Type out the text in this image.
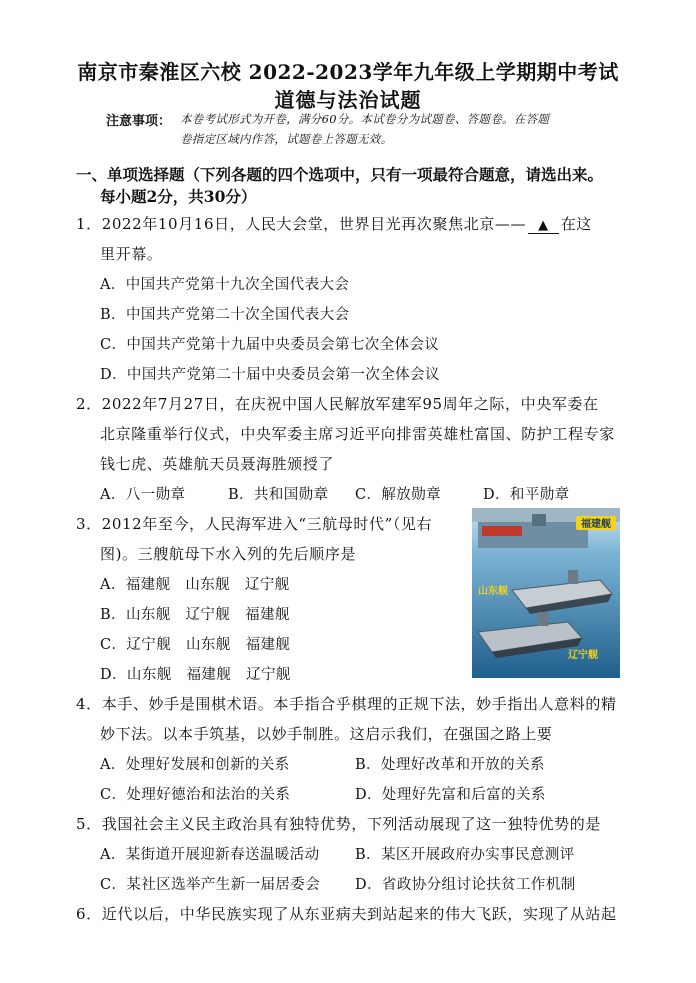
南京市秦淮区六校 2022-2023学年九年级上学期期中考试
道德与法治试题
注意事项： 本卷考试形式为开卷，满分60分。本试卷分为试题卷、答题卷。在答题
卷指定区域内作答，试题卷上答题无效。
一、单项选择题（下列各题的四个选项中，只有一项最符合题意，请选出来。
每小题2分，共30分）
1．2022年10月16日，人民大会堂，世界目光再次聚焦北京—— ▲ 在这
里开幕。
A．中国共产党第十九次全国代表大会
B．中国共产党第二十次全国代表大会
C．中国共产党第十九届中央委员会第七次全体会议
D．中国共产党第二十届中央委员会第一次全体会议
2．2022年7月27日，在庆祝中国人民解放军建军95周年之际，中央军委在
北京隆重举行仪式，中央军委主席习近平向排雷英雄杜富国、防护工程专家
钱七虎、英雄航天员聂海胜颁授了
A．八一勋章	B．共和国勋章 C．解放勋章	D．和平勋章
3．2012年至今，人民海军进入“三航母时代”（见右
图)。三艘航母下水入列的先后顺序是
A．福建舰　山东舰　辽宁舰
B．山东舰　辽宁舰　福建舰
C．辽宁舰　山东舰　福建舰
D．山东舰　福建舰　辽宁舰
福建舰
山东舰
辽宁舰
4．本手、妙手是围棋术语。本手指合乎棋理的正规下法，妙手指出人意料的精
妙下法。以本手筑基，以妙手制胜。这启示我们，在强国之路上要
A．处理好发展和创新的关系	B．处理好改革和开放的关系
C．处理好德治和法治的关系	D．处理好先富和后富的关系
5．我国社会主义民主政治具有独特优势，下列活动展现了这一独特优势的是
A．某街道开展迎新春送温暖活动 B．某区开展政府办实事民意测评
C．某社区选举产生新一届居委会 D．省政协分组讨论扶贫工作机制
6．近代以后，中华民族实现了从东亚病夫到站起来的伟大飞跃，实现了从站起
